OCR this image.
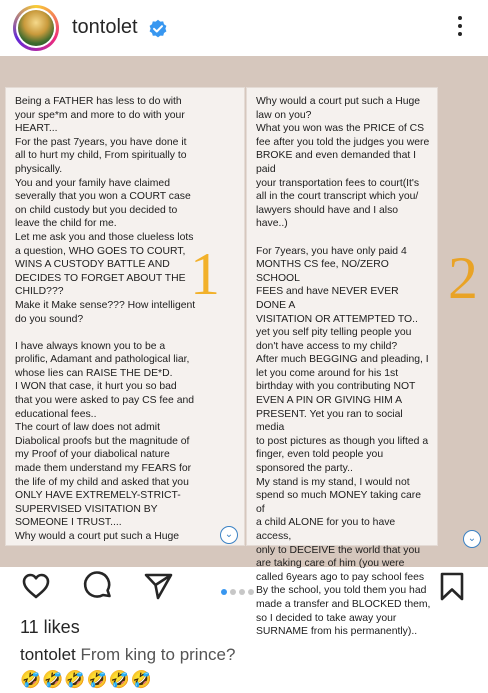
tontolet
Being a FATHER has less to do with
your spe*m and more to do with your
HEART...
For the past 7years, you have done it
all to hurt my child, From spiritually to
physically.
You and your family have claimed
severally that you won a COURT case
on child custody but you decided to
leave the child for me.
Let me ask you and those clueless lots
a question, WHO GOES TO COURT,
WINS A CUSTODY BATTLE AND
DECIDES TO FORGET ABOUT THE
CHILD???
Make it Make sense??? How intelligent
do you sound?

I have always known you to be a
prolific, Adamant and pathological liar,
whose lies can RAISE THE DE*D.
I WON that case, it hurt you so bad
that you were asked to pay CS fee and
educational fees..
The court of law does not admit
Diabolical proofs but the magnitude of
my Proof of your diabolical nature
made them understand my FEARS for
the life of my child and asked that you
ONLY HAVE EXTREMELY-STRICT-
SUPERVISED VISITATION BY
SOMEONE I TRUST....
Why would a court put such a Huge
Why would a court put such a Huge
law on you?
What you won was the PRICE of CS
fee after you told the judges you were
BROKE and even demanded that I paid
your transportation fees to court(It's
all in the court transcript which you/
lawyers should have and I also have..)

For 7years, you have only paid 4
MONTHS CS fee, NO/ZERO SCHOOL
FEES and have NEVER EVER DONE A
VISITATION OR ATTEMPTED TO..
yet you self pity telling people you
don't have access to my child?
After much BEGGING and pleading, I
let you come around for his 1st
birthday with you contributing NOT
EVEN A PIN OR GIVING HIM A
PRESENT. Yet you ran to social media
to post pictures as though you lifted a
finger, even told people you
sponsored the party..
My stand is my stand, I would not
spend so much MONEY taking care of
a child ALONE for you to have access,
only to DECEIVE the world that you
are taking care of him (you were
called 6years ago to pay school fees
By the school, you told them you had
made a transfer and BLOCKED them,
so I decided to take away your
SURNAME from his permanently)..
1	2
⌄	⌄
11 likes
tontolet From king to prince?
🤣🤣🤣🤣🤣🤣
